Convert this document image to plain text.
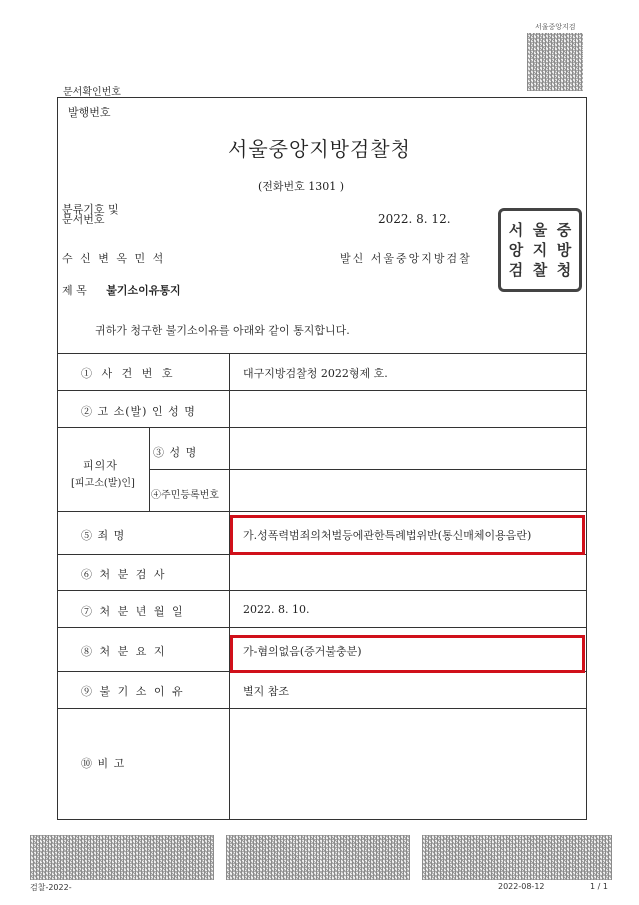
서울중앙지검
문서확인번호
발행번호
서울중앙지방검찰청
(전화번호 1301 )
분류기호 및
문서번호	2022. 8. 12.
수 신 변 옥 민 석	발신 서울중앙지방검찰
제 목 불기소이유통지
서 울 중
앙 지 방
검 찰 청
귀하가 청구한 불기소이유를 아래와 같이 통지합니다.
① 사 건 번 호	대구지방검찰청 2022형제 호.
② 고 소(발) 인 성 명
피의자
[피고소(발)인]
③ 성 명
④주민등록번호
⑤ 죄 명	가.성폭력범죄의처벌등에관한특례법위반(통신매체이용음란)
⑥ 처 분 검 사
⑦ 처 분 년 월 일	2022. 8. 10.
⑧ 처 분 요 지	가-혐의없음(증거불충분)
⑨ 불 기 소 이 유	별지 참조
⑩ 비 고
검찰-2022-	2022-08-12	1 / 1
